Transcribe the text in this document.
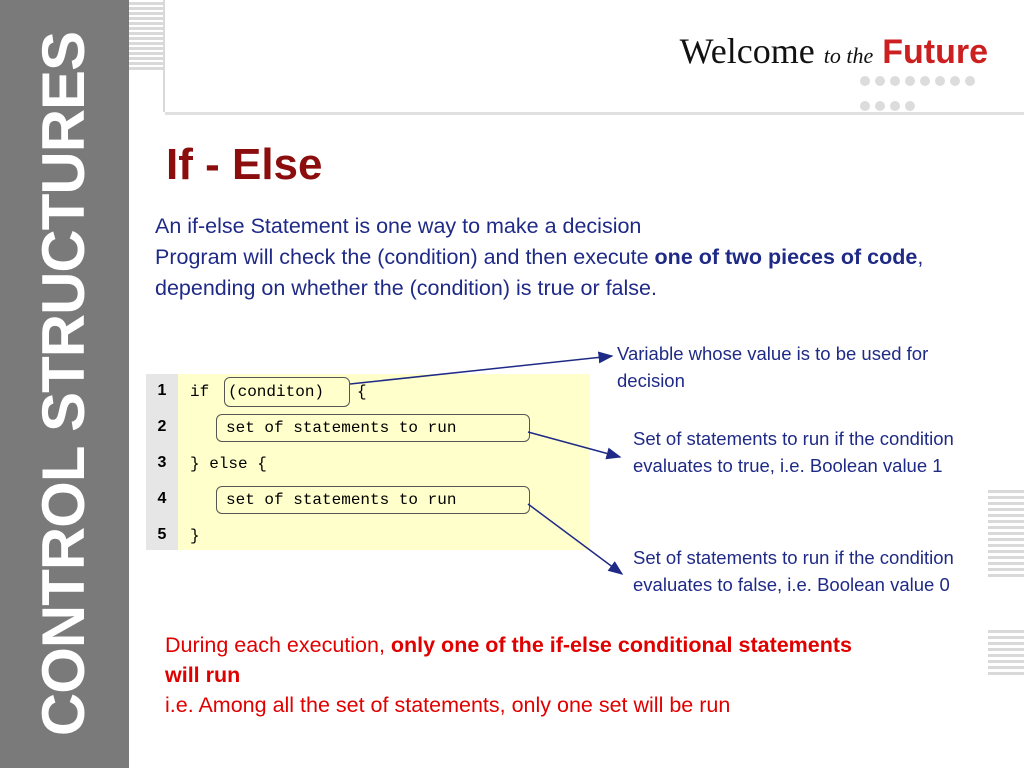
CONTROL STRUCTURES	Welcome to the Future
If - Else
An if-else Statement is one way to make a decision
Program will check the (condition) and then execute one of two pieces of code, depending on whether the (condition) is true or false.
1
2
3
4
5
if (conditon) {
set of statements to run
} else {
set of statements to run
}
Variable whose value is to be used for decision
Set of statements to run if the condition evaluates to true, i.e. Boolean value 1
Set of statements to run if the condition evaluates to false, i.e. Boolean value 0
During each execution, only one of the if-else conditional statements will run
i.e. Among all the set of statements, only one set will be run
